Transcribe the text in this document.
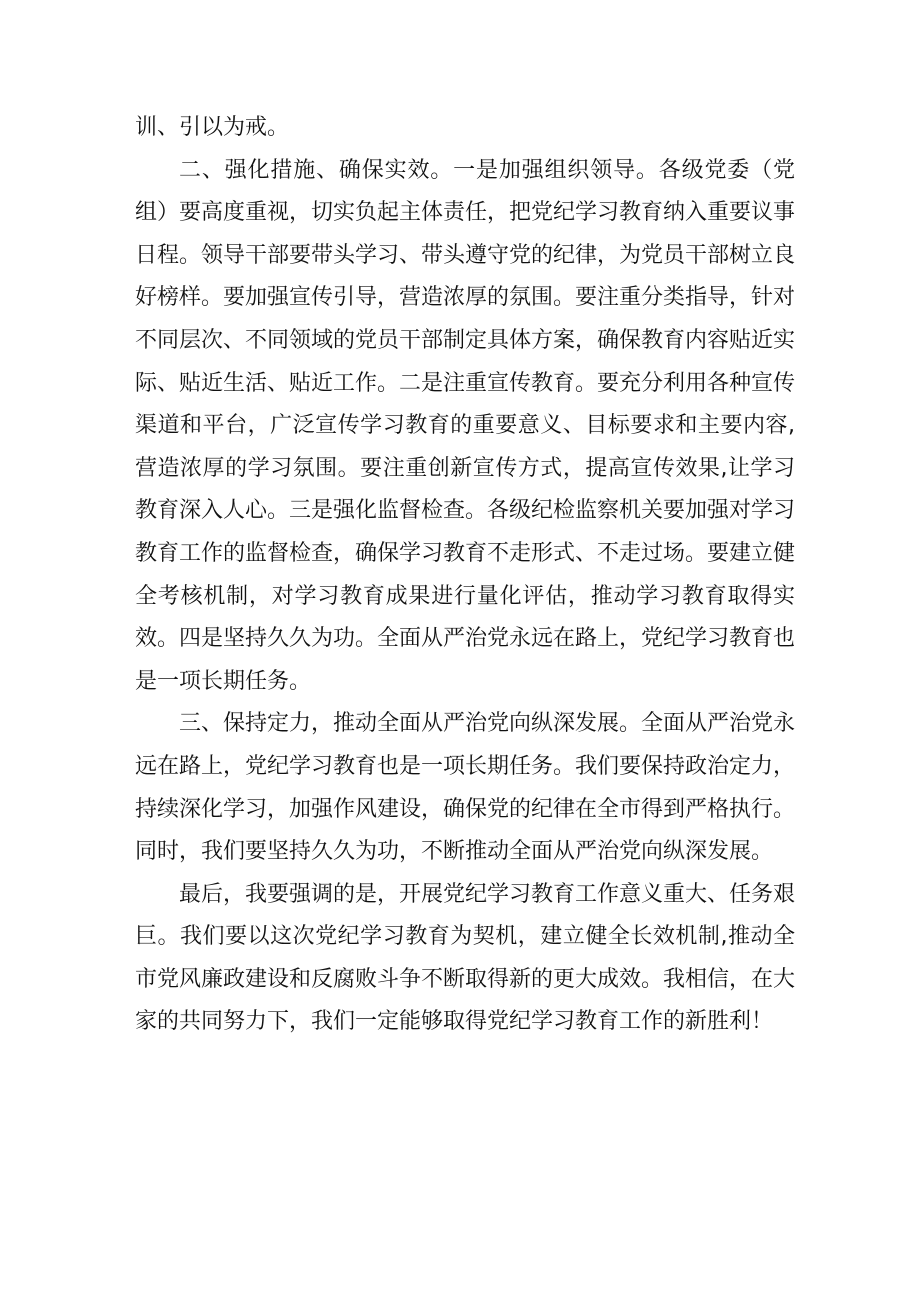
训、引以为戒。

二、强化措施、确保实效。一是加强组织领导。各级党委（党组）要高度重视，切实负起主体责任，把党纪学习教育纳入重要议事日程。领导干部要带头学习、带头遵守党的纪律，为党员干部树立良好榜样。要加强宣传引导，营造浓厚的氛围。要注重分类指导，针对不同层次、不同领域的党员干部制定具体方案，确保教育内容贴近实际、贴近生活、贴近工作。二是注重宣传教育。要充分利用各种宣传渠道和平台，广泛宣传学习教育的重要意义、目标要求和主要内容,营造浓厚的学习氛围。要注重创新宣传方式，提高宣传效果,让学习教育深入人心。三是强化监督检查。各级纪检监察机关要加强对学习教育工作的监督检查，确保学习教育不走形式、不走过场。要建立健全考核机制，对学习教育成果进行量化评估，推动学习教育取得实效。四是坚持久久为功。全面从严治党永远在路上，党纪学习教育也是一项长期任务。

三、保持定力，推动全面从严治党向纵深发展。全面从严治党永远在路上，党纪学习教育也是一项长期任务。我们要保持政治定力，持续深化学习，加强作风建设，确保党的纪律在全市得到严格执行。同时，我们要坚持久久为功，不断推动全面从严治党向纵深发展。

最后，我要强调的是，开展党纪学习教育工作意义重大、任务艰巨。我们要以这次党纪学习教育为契机，建立健全长效机制,推动全市党风廉政建设和反腐败斗争不断取得新的更大成效。我相信，在大家的共同努力下，我们一定能够取得党纪学习教育工作的新胜利！
